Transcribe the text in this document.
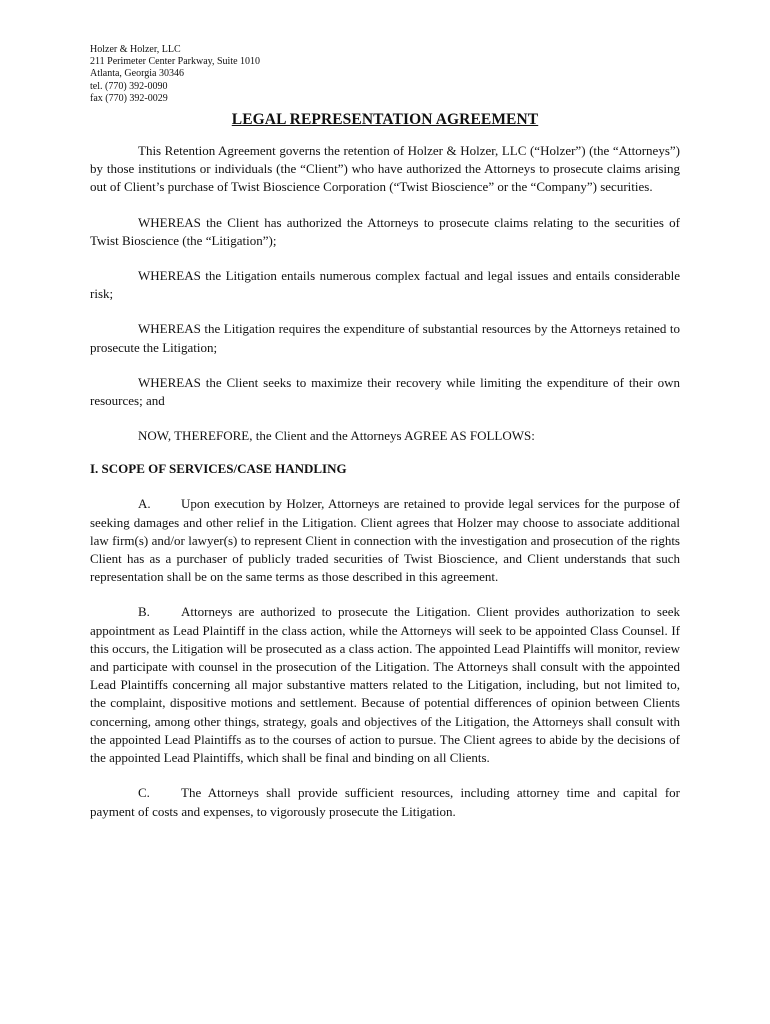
Holzer & Holzer, LLC
211 Perimeter Center Parkway, Suite 1010
Atlanta, Georgia 30346
tel. (770) 392-0090
fax (770) 392-0029
LEGAL REPRESENTATION AGREEMENT

This Retention Agreement governs the retention of Holzer & Holzer, LLC (“Holzer”) (the “Attorneys”) by those institutions or individuals (the “Client”) who have authorized the Attorneys to prosecute claims arising out of Client’s purchase of Twist Bioscience Corporation (“Twist Bioscience” or the “Company”) securities.

WHEREAS the Client has authorized the Attorneys to prosecute claims relating to the securities of Twist Bioscience (the “Litigation”);

WHEREAS the Litigation entails numerous complex factual and legal issues and entails considerable risk;

WHEREAS the Litigation requires the expenditure of substantial resources by the Attorneys retained to prosecute the Litigation;

WHEREAS the Client seeks to maximize their recovery while limiting the expenditure of their own resources; and

NOW, THEREFORE, the Client and the Attorneys AGREE AS FOLLOWS:

I. SCOPE OF SERVICES/CASE HANDLING

A. Upon execution by Holzer, Attorneys are retained to provide legal services for the purpose of seeking damages and other relief in the Litigation. Client agrees that Holzer may choose to associate additional law firm(s) and/or lawyer(s) to represent Client in connection with the investigation and prosecution of the rights Client has as a purchaser of publicly traded securities of Twist Bioscience, and Client understands that such representation shall be on the same terms as those described in this agreement.

B. Attorneys are authorized to prosecute the Litigation. Client provides authorization to seek appointment as Lead Plaintiff in the class action, while the Attorneys will seek to be appointed Class Counsel. If this occurs, the Litigation will be prosecuted as a class action. The appointed Lead Plaintiffs will monitor, review and participate with counsel in the prosecution of the Litigation. The Attorneys shall consult with the appointed Lead Plaintiffs concerning all major substantive matters related to the Litigation, including, but not limited to, the complaint, dispositive motions and settlement. Because of potential differences of opinion between Clients concerning, among other things, strategy, goals and objectives of the Litigation, the Attorneys shall consult with the appointed Lead Plaintiffs as to the courses of action to pursue. The Client agrees to abide by the decisions of the appointed Lead Plaintiffs, which shall be final and binding on all Clients.

C. The Attorneys shall provide sufficient resources, including attorney time and capital for payment of costs and expenses, to vigorously prosecute the Litigation.
